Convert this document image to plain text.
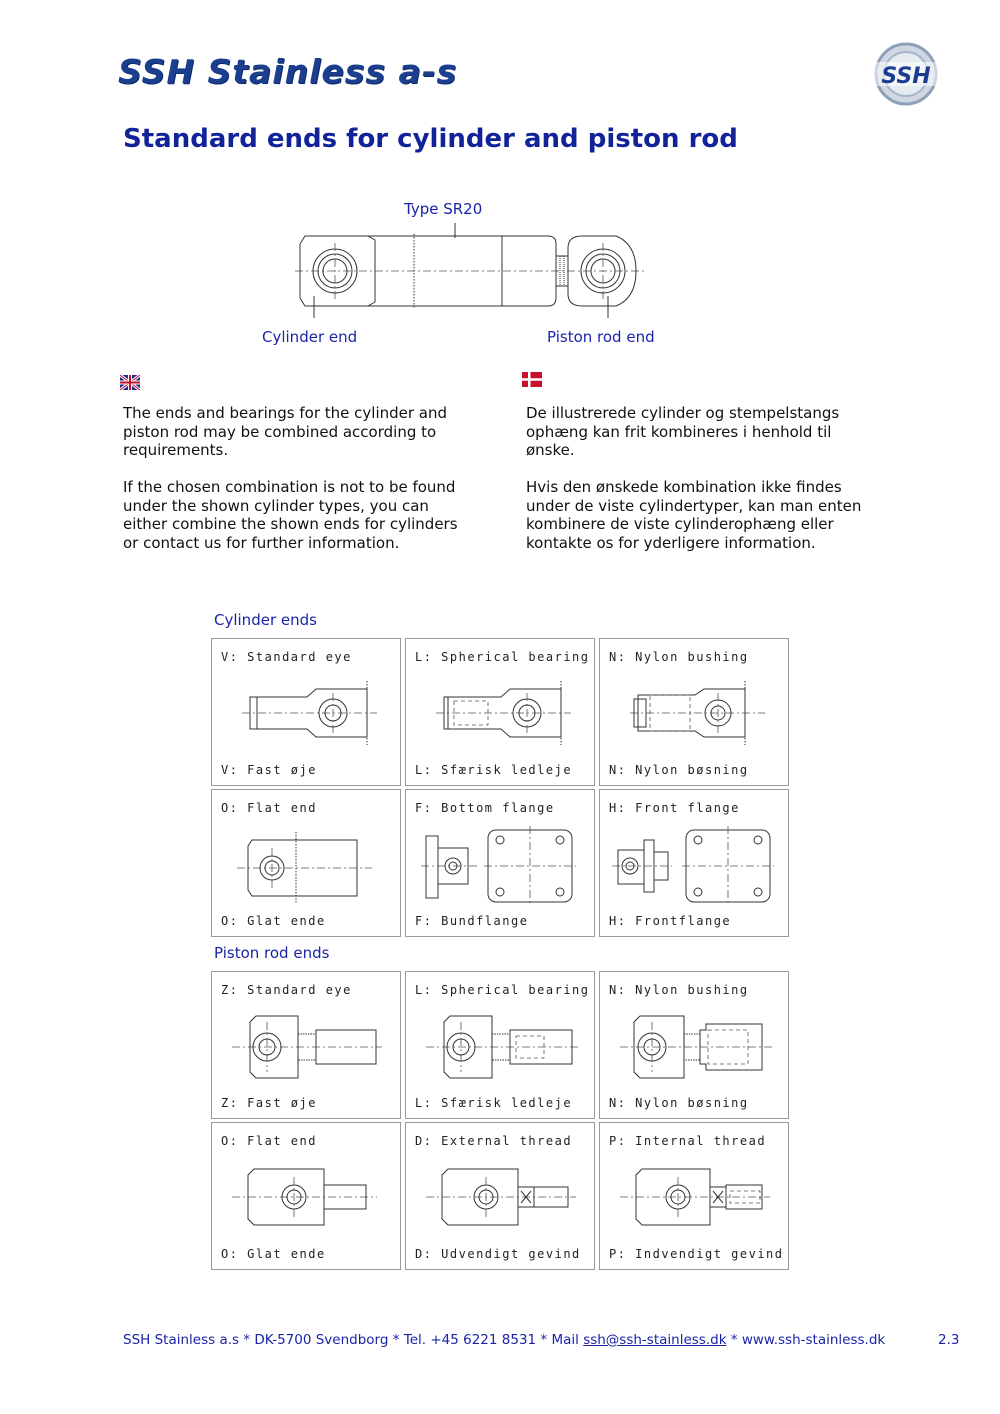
SSH Stainless a-s	SSH
Standard ends for cylinder and piston rod
Type SR20
Cylinder end	Piston rod end

The ends and bearings for the cylinder and piston rod may be combined according to requirements.

If the chosen combination is not to be found under the shown cylinder types, you can either combine the shown ends for cylinders or contact us for further information.

De illustrerede cylinder og stempelstangs ophæng kan frit kombineres i henhold til ønske.

Hvis den ønskede kombination ikke findes under de viste cylindertyper, kan man enten kombinere de viste cylinderophæng eller kontakte os for yderligere information.

Cylinder ends
V: Standard eye
V: Fast øje
L: Spherical bearing
L: Sfærisk ledleje
N: Nylon bushing
N: Nylon bøsning
O: Flat end
O: Glat ende
F: Bottom flange
F: Bundflange
H: Front flange
H: Frontflange
Piston rod ends
Z: Standard eye
Z: Fast øje
L: Spherical bearing
L: Sfærisk ledleje
N: Nylon bushing
N: Nylon bøsning
O: Flat end
O: Glat ende
D: External thread
D: Udvendigt gevind
P: Internal thread
P: Indvendigt gevind
SSH Stainless a.s * DK-5700 Svendborg * Tel. +45 6221 8531 * Mail ssh@ssh-stainless.dk * www.ssh-stainless.dk	2.3
